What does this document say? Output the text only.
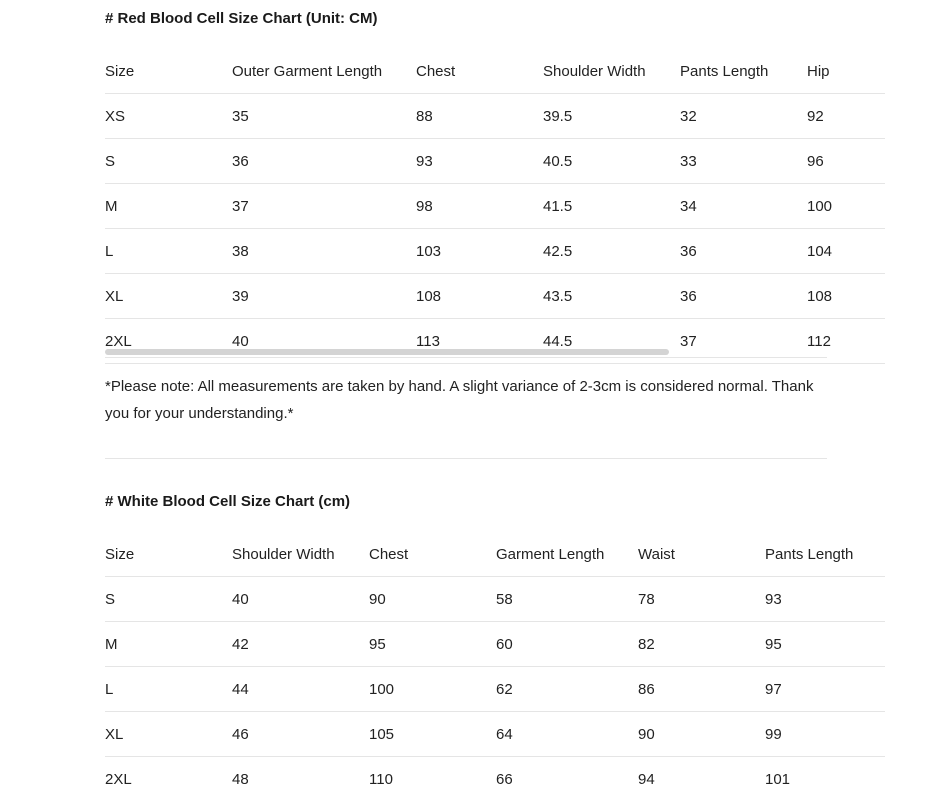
# Red Blood Cell Size Chart (Unit: CM)
Size	Outer Garment Length	Chest	Shoulder Width	Pants Length	Hip
XS	35	88	39.5	32	92
S	36	93	40.5	33	96
M	37	98	41.5	34	100
L	38	103	42.5	36	104
XL	39	108	43.5	36	108
2XL	40	113	44.5	37	112
*Please note: All measurements are taken by hand. A slight variance of 2-3cm is considered normal. Thank you for your understanding.*
# White Blood Cell Size Chart (cm)
Size	Shoulder Width	Chest	Garment Length	Waist	Pants Length
S	40	90	58	78	93
M	42	95	60	82	95
L	44	100	62	86	97
XL	46	105	64	90	99
2XL	48	110	66	94	101
